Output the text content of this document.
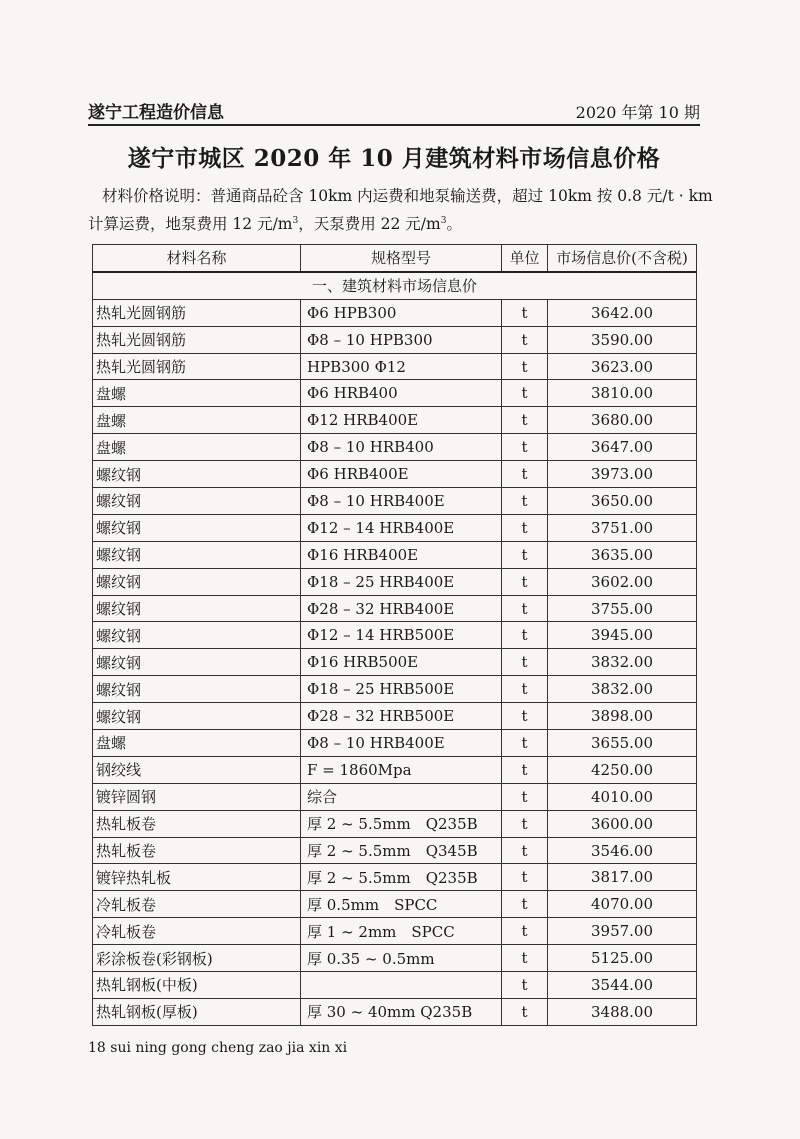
遂宁工程造价信息	2020 年第 10 期
遂宁市城区 2020 年 10 月建筑材料市场信息价格
材料价格说明：普通商品砼含 10km 内运费和地泵输送费，超过 10km 按 0.8 元/t · km
计算运费，地泵费用 12 元$/m^3$，天泵费用 22 元$/m^3$。
材料名称	规格型号	单位	市场信息价(不含税)
一、建筑材料市场信息价			
热轧光圆钢筋	Φ6 HPB300	t	3642.00
热轧光圆钢筋	Φ8 – 10 HPB300	t	3590.00
热轧光圆钢筋	HPB300 Φ12	t	3623.00
盘螺	Φ6 HRB400	t	3810.00
盘螺	Φ12 HRB400E	t	3680.00
盘螺	Φ8 – 10 HRB400	t	3647.00
螺纹钢	Φ6 HRB400E	t	3973.00
螺纹钢	Φ8 – 10 HRB400E	t	3650.00
螺纹钢	Φ12 – 14 HRB400E	t	3751.00
螺纹钢	Φ16 HRB400E	t	3635.00
螺纹钢	Φ18 – 25 HRB400E	t	3602.00
螺纹钢	Φ28 – 32 HRB400E	t	3755.00
螺纹钢	Φ12 – 14 HRB500E	t	3945.00
螺纹钢	Φ16 HRB500E	t	3832.00
螺纹钢	Φ18 – 25 HRB500E	t	3832.00
螺纹钢	Φ28 – 32 HRB500E	t	3898.00
盘螺	Φ8 – 10 HRB400E	t	3655.00
钢绞线	F = 1860Mpa	t	4250.00
镀锌圆钢	综合	t	4010.00
热轧板卷	厚 2 ~ 5.5mm　Q235B	t	3600.00
热轧板卷	厚 2 ~ 5.5mm　Q345B	t	3546.00
镀锌热轧板	厚 2 ~ 5.5mm　Q235B	t	3817.00
冷轧板卷	厚 0.5mm　SPCC	t	4070.00
冷轧板卷	厚 1 ~ 2mm　SPCC	t	3957.00
彩涂板卷(彩钢板)	厚 0.35 ~ 0.5mm	t	5125.00
热轧钢板(中板)		t	3544.00
热轧钢板(厚板)	厚 30 ~ 40mm Q235B	t	3488.00
18 sui ning gong cheng zao jia xin xi
